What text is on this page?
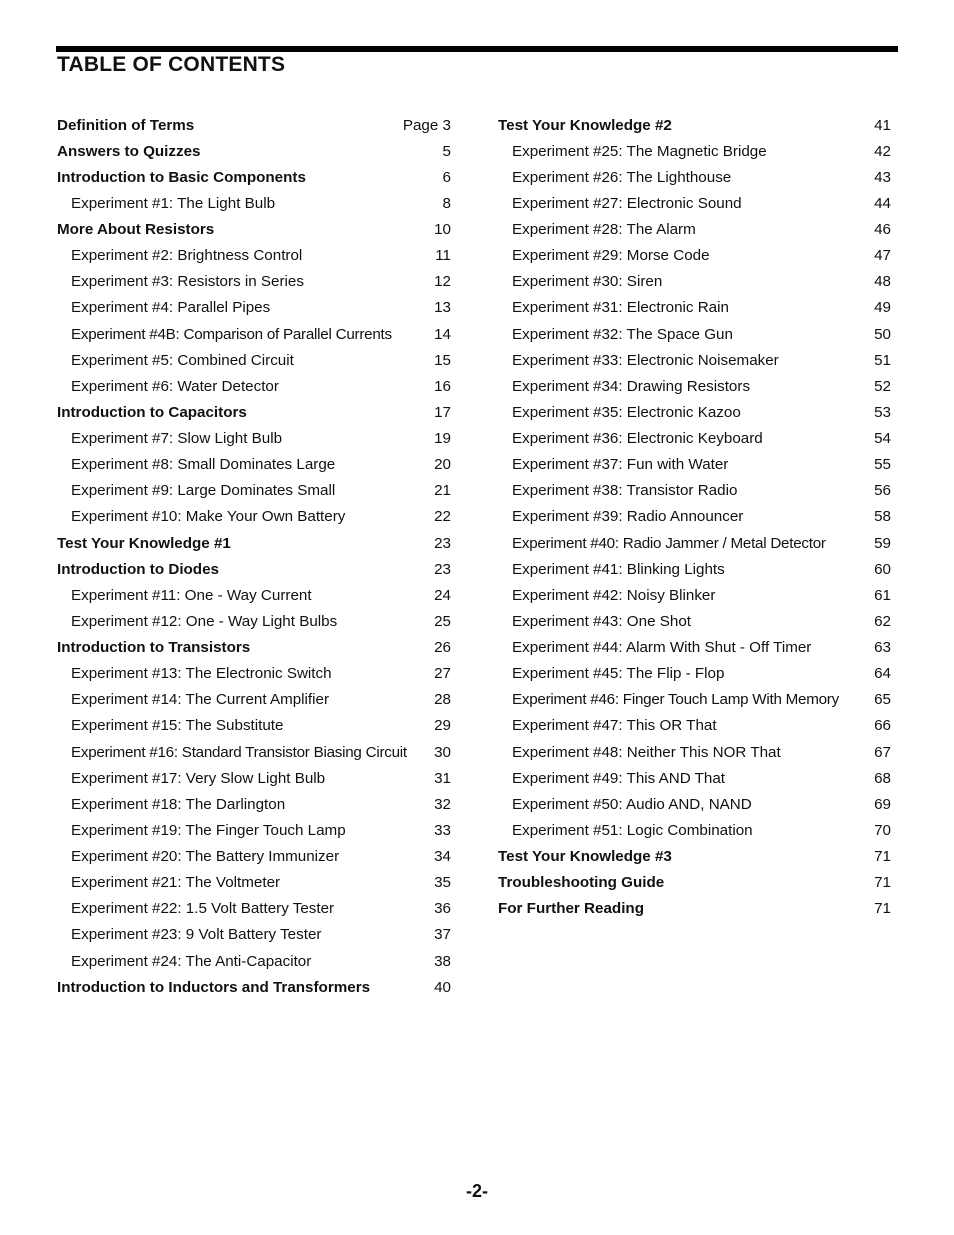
TABLE OF CONTENTS
Definition of Terms	Page 3
Answers to Quizzes	5
Introduction to Basic Components	6
Experiment #1: The Light Bulb	8
More About Resistors	10
Experiment #2: Brightness Control	11
Experiment #3: Resistors in Series	12
Experiment #4: Parallel Pipes	13
Experiment #4B: Comparison of Parallel Currents	14
Experiment #5: Combined Circuit	15
Experiment #6: Water Detector	16
Introduction to Capacitors	17
Experiment #7: Slow Light Bulb	19
Experiment #8: Small Dominates Large	20
Experiment #9: Large Dominates Small	21
Experiment #10: Make Your Own Battery	22
Test Your Knowledge #1	23
Introduction to Diodes	23
Experiment #11: One - Way Current	24
Experiment #12: One - Way Light Bulbs	25
Introduction to Transistors	26
Experiment #13: The Electronic Switch	27
Experiment #14: The Current Amplifier	28
Experiment #15: The Substitute	29
Experiment #16: Standard Transistor Biasing Circuit 30
Experiment #17: Very Slow Light Bulb	31
Experiment #18: The Darlington	32
Experiment #19: The Finger Touch Lamp	33
Experiment #20: The Battery Immunizer	34
Experiment #21: The Voltmeter	35
Experiment #22: 1.5 Volt Battery Tester	36
Experiment #23: 9 Volt Battery Tester	37
Experiment #24: The Anti-Capacitor	38
Introduction to Inductors and Transformers	40
Test Your Knowledge #2	41
Experiment #25: The Magnetic Bridge	42
Experiment #26: The Lighthouse	43
Experiment #27: Electronic Sound	44
Experiment #28: The Alarm	46
Experiment #29: Morse Code	47
Experiment #30: Siren	48
Experiment #31: Electronic Rain	49
Experiment #32: The Space Gun	50
Experiment #33: Electronic Noisemaker	51
Experiment #34: Drawing Resistors	52
Experiment #35: Electronic Kazoo	53
Experiment #36: Electronic Keyboard	54
Experiment #37: Fun with Water	55
Experiment #38: Transistor Radio	56
Experiment #39: Radio Announcer	58
Experiment #40: Radio Jammer / Metal Detector	59
Experiment #41: Blinking Lights	60
Experiment #42: Noisy Blinker	61
Experiment #43: One Shot	62
Experiment #44: Alarm With Shut - Off Timer	63
Experiment #45: The Flip - Flop	64
Experiment #46: Finger Touch Lamp With Memory 65
Experiment #47: This OR That	66
Experiment #48: Neither This NOR That	67
Experiment #49: This AND That	68
Experiment #50: Audio AND, NAND	69
Experiment #51: Logic Combination	70
Test Your Knowledge #3	71
Troubleshooting Guide	71
For Further Reading	71
-2-
